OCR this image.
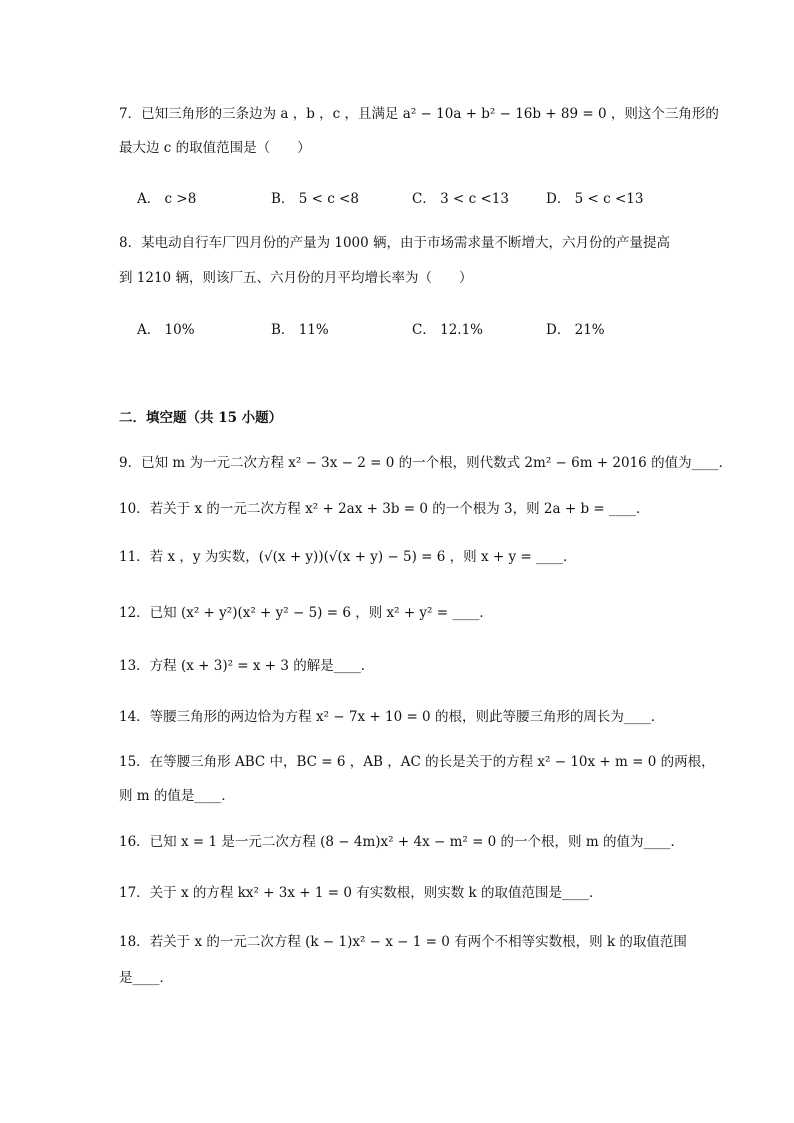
7．已知三角形的三条边为 a ，b ，c ，且满足 a² − 10a + b² − 16b + 89 = 0 ，则这个三角形的
最大边 c 的取值范围是（　　）
A． c >8	B． 5 < c <8	C． 3 < c <13	D． 5 < c <13
8．某电动自行车厂四月份的产量为 1000 辆，由于市场需求量不断增大，六月份的产量提高
到 1210 辆，则该厂五、六月份的月平均增长率为（　　）
A． 10%	B． 11%	C． 12.1%	D． 21%
二．填空题（共 15 小题）
9．已知 m 为一元二次方程 x² − 3x − 2 = 0 的一个根，则代数式 2m² − 6m + 2016 的值为____．
10．若关于 x 的一元二次方程 x² + 2ax + 3b = 0 的一个根为 3，则 2a + b = ____．
11．若 x ，y 为实数，(√(x + y))(√(x + y) − 5) = 6 ，则 x + y = ____．
12．已知 (x² + y²)(x² + y² − 5) = 6 ，则 x² + y² = ____．
13．方程 (x + 3)² = x + 3 的解是____．
14．等腰三角形的两边恰为方程 x² − 7x + 10 = 0 的根，则此等腰三角形的周长为____．
15．在等腰三角形 ABC 中，BC = 6 ，AB ，AC 的长是关于的方程 x² − 10x + m = 0 的两根，
则 m 的值是____．
16．已知 x = 1 是一元二次方程 (8 − 4m)x² + 4x − m² = 0 的一个根，则 m 的值为____．
17．关于 x 的方程 kx² + 3x + 1 = 0 有实数根，则实数 k 的取值范围是____．
18．若关于 x 的一元二次方程 (k − 1)x² − x − 1 = 0 有两个不相等实数根，则 k 的取值范围
是____．
